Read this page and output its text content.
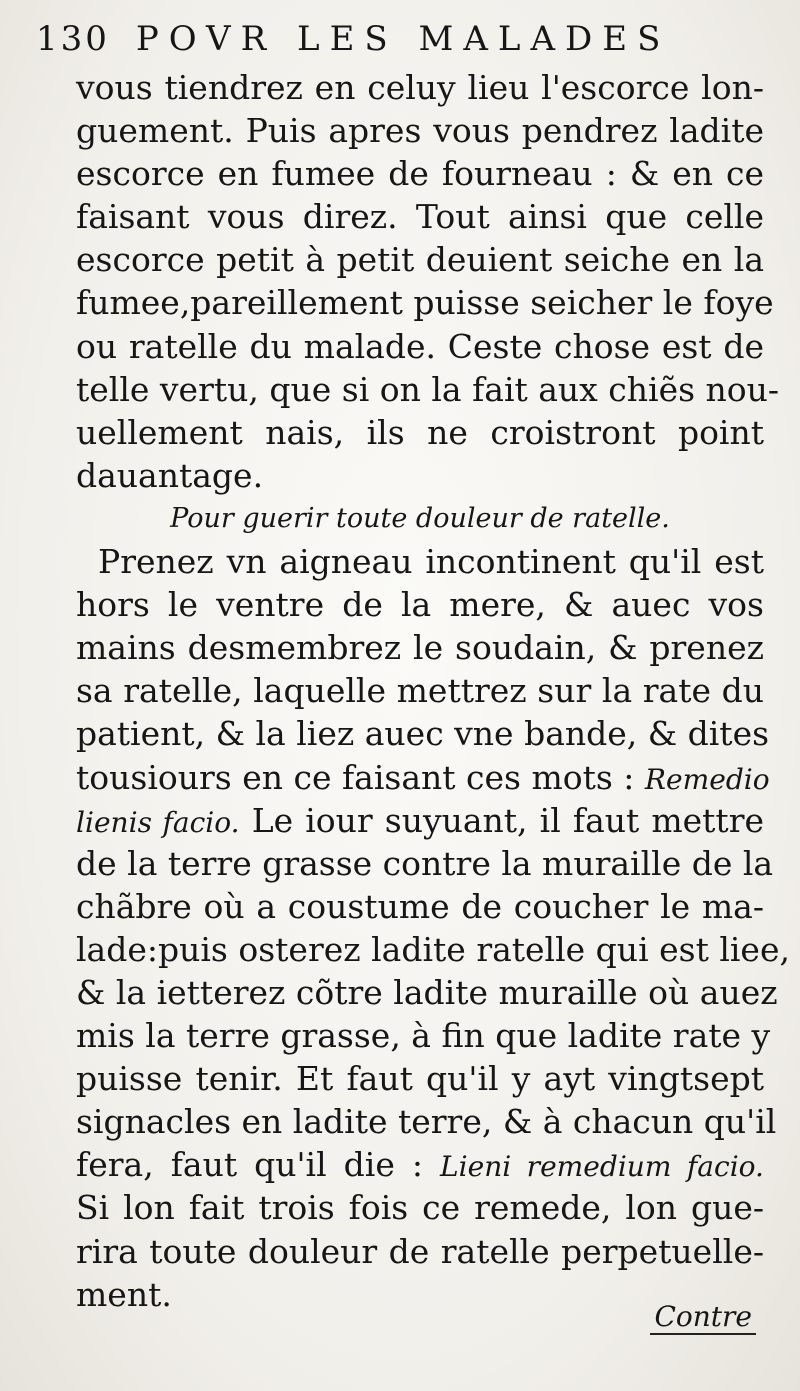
130 POVR LES MALADES
vous tiendrez en celuy lieu l'escorce lon-
guement. Puis apres vous pendrez ladite
escorce en fumee de fourneau : & en ce
faisant vous direz. Tout ainsi que celle
escorce petit à petit deuient seiche en la
fumee,pareillement puisse seicher le foye
ou ratelle du malade. Ceste chose est de
telle vertu, que si on la fait aux chiẽs nou-
uellement nais, ils ne croistront point
dauantage.
Pour guerir toute douleur de ratelle.
Prenez vn aigneau incontinent qu'il est
hors le ventre de la mere, & auec vos
mains desmembrez le soudain, & prenez
sa ratelle, laquelle mettrez sur la rate du
patient, & la liez auec vne bande, & dites
tousiours en ce faisant ces mots : Remedio
lienis facio. Le iour suyuant, il faut mettre
de la terre grasse contre la muraille de la
chãbre où a coustume de coucher le ma-
lade:puis osterez ladite ratelle qui est liee,
& la ietterez cõtre ladite muraille où auez
mis la terre grasse, à fin que ladite rate y
puisse tenir. Et faut qu'il y ayt vingtsept
signacles en ladite terre, & à chacun qu'il
fera, faut qu'il die : Lieni remedium facio.
Si lon fait trois fois ce remede, lon gue-
rira toute douleur de ratelle perpetuelle-
ment.
Contre
